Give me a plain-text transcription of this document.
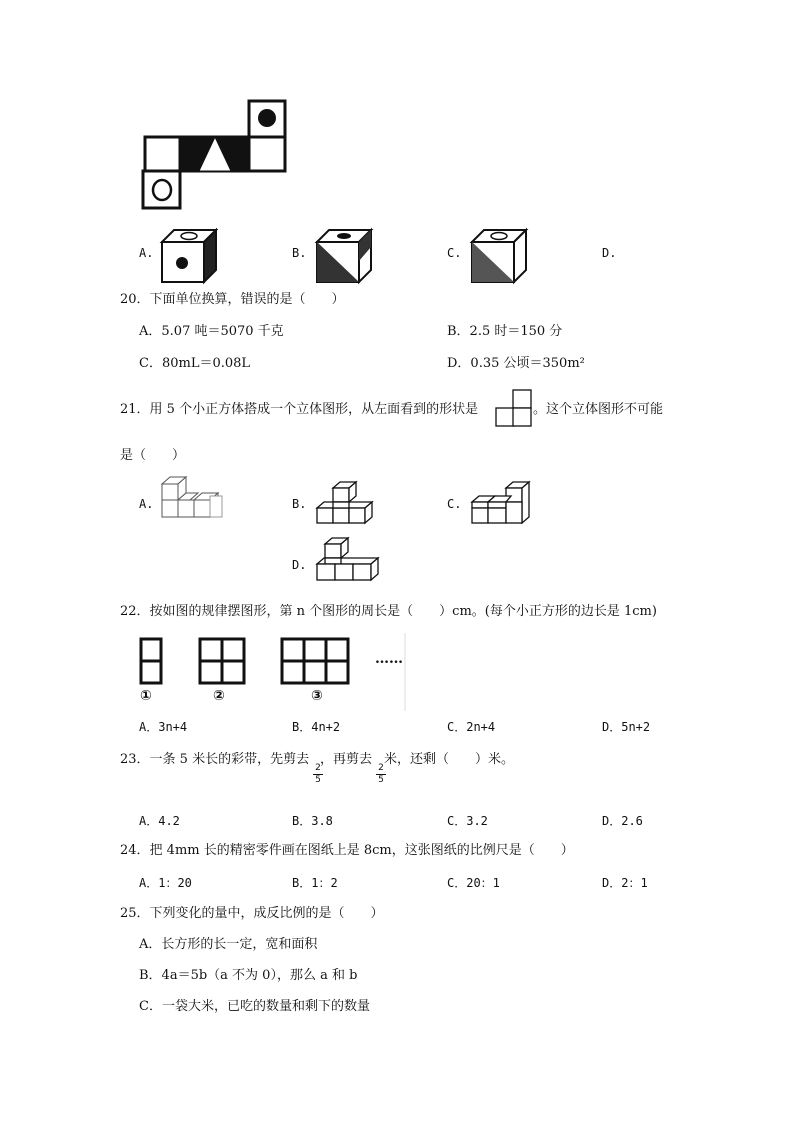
A.	B.	C.	D.
20．下面单位换算，错误的是（　　）
A．5.07 吨＝5070 千克	B．2.5 时＝150 分
C．80mL＝0.08L	D．0.35 公顷＝350m²
21．用 5 个小正方体搭成一个立体图形，从左面看到的形状是	。这个立体图形不可能
是（　　）
A.	B.	C.
D.
22．按如图的规律摆图形，第 n 个图形的周长是（　　）cm。(每个小正方形的边长是 1cm)
①	②	③
……
A．3n+4	B．4n+2	C．2n+4	D．5n+2
23．一条 5 米长的彩带，先剪去 ，再剪去 米，还剩（　　）米。
2
5
2
5
A．4.2	B．3.8	C．3.2	D．2.6
24．把 4mm 长的精密零件画在图纸上是 8cm，这张图纸的比例尺是（　　）
A．1：20	B．1：2	C．20：1	D．2：1
25．下列变化的量中，成反比例的是（　　）
A．长方形的长一定，宽和面积
B．4a＝5b（a 不为 0），那么 a 和 b
C．一袋大米，已吃的数量和剩下的数量
